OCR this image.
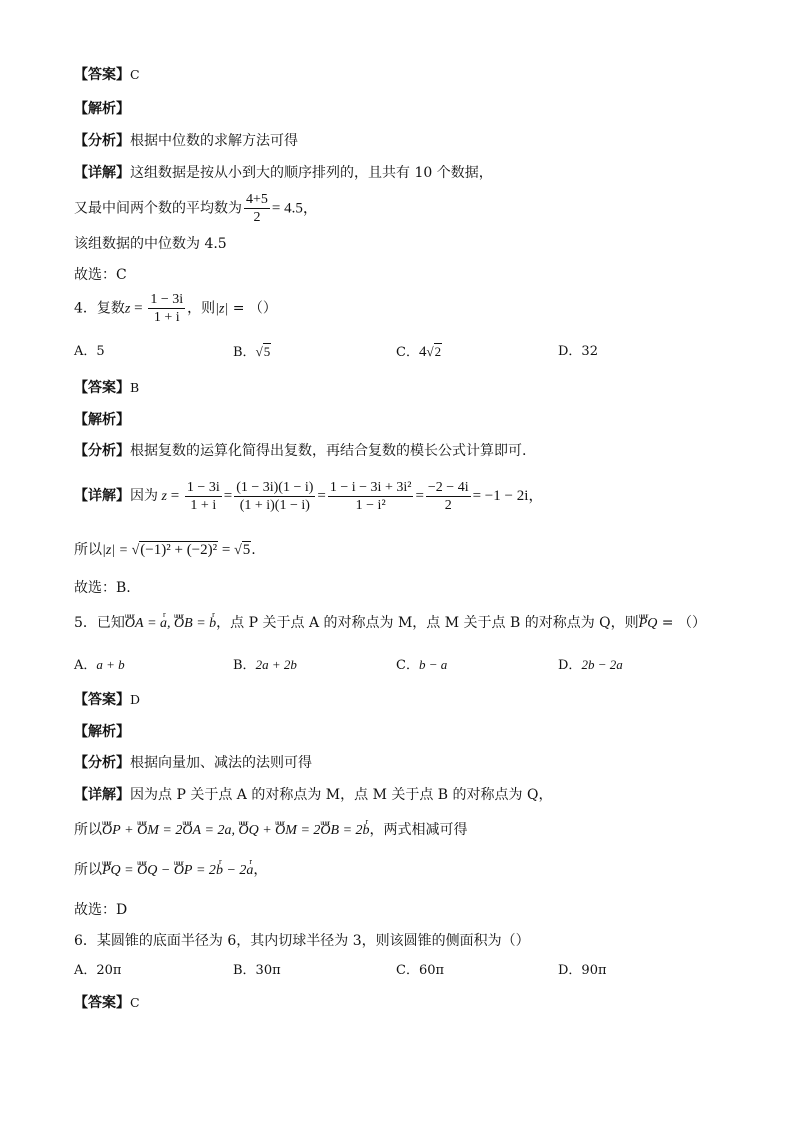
【答案】C
【解析】
【分析】根据中位数的求解方法可得
【详解】这组数据是按从小到大的顺序排列的，且共有 10 个数据，
又最中间两个数的平均数为 $\frac{4+5}{2} = 4.5$，
该组数据的中位数为 4.5
故选：C
4．复数$z = \frac{1 - 3i}{1 + i}$ ，则|z| = （）
A．5	B．√5	C．4√2	D．32
【答案】B
【解析】
【分析】根据复数的运算化简得出复数，再结合复数的模长公式计算即可.
【详解】因为 $z = \frac{1 - 3i}{1 + i} = \frac{(1 - 3i)(1 - i)}{(1 + i)(1 - i)} = \frac{\text{1 − i − 3i + 3i²}}{\text{1 − i²}} = \frac{-2 - 4i}{2} = -1 - 2i$，
所以|z| = √(−1)² + (−2)² = √5.
故选：B.
5．已知uuur OA = r a, uuur OB = r b，点 P 关于点 A 的对称点为 M，点 M 关于点 B 的对称点为 Q，则uuur PQ = （）
A．a + b	B．2a + 2b	C．b − a	D．2b − 2a
【答案】D
【解析】
【分析】根据向量加、减法的法则可得
【详解】因为点 P 关于点 A 的对称点为 M，点 M 关于点 B 的对称点为 Q，
所以uuur OP + uuur OM = 2uuur OA = 2a, uuur OQ + uuur OM = 2uuur OB = 2r b，两式相减可得
所以uuur PQ = uuur OQ − uuur OP = 2r b − 2r a，
故选：D
6．某圆锥的底面半径为 6，其内切球半径为 3，则该圆锥的侧面积为（）
A．20π	B．30π	C．60π	D．90π
【答案】C
